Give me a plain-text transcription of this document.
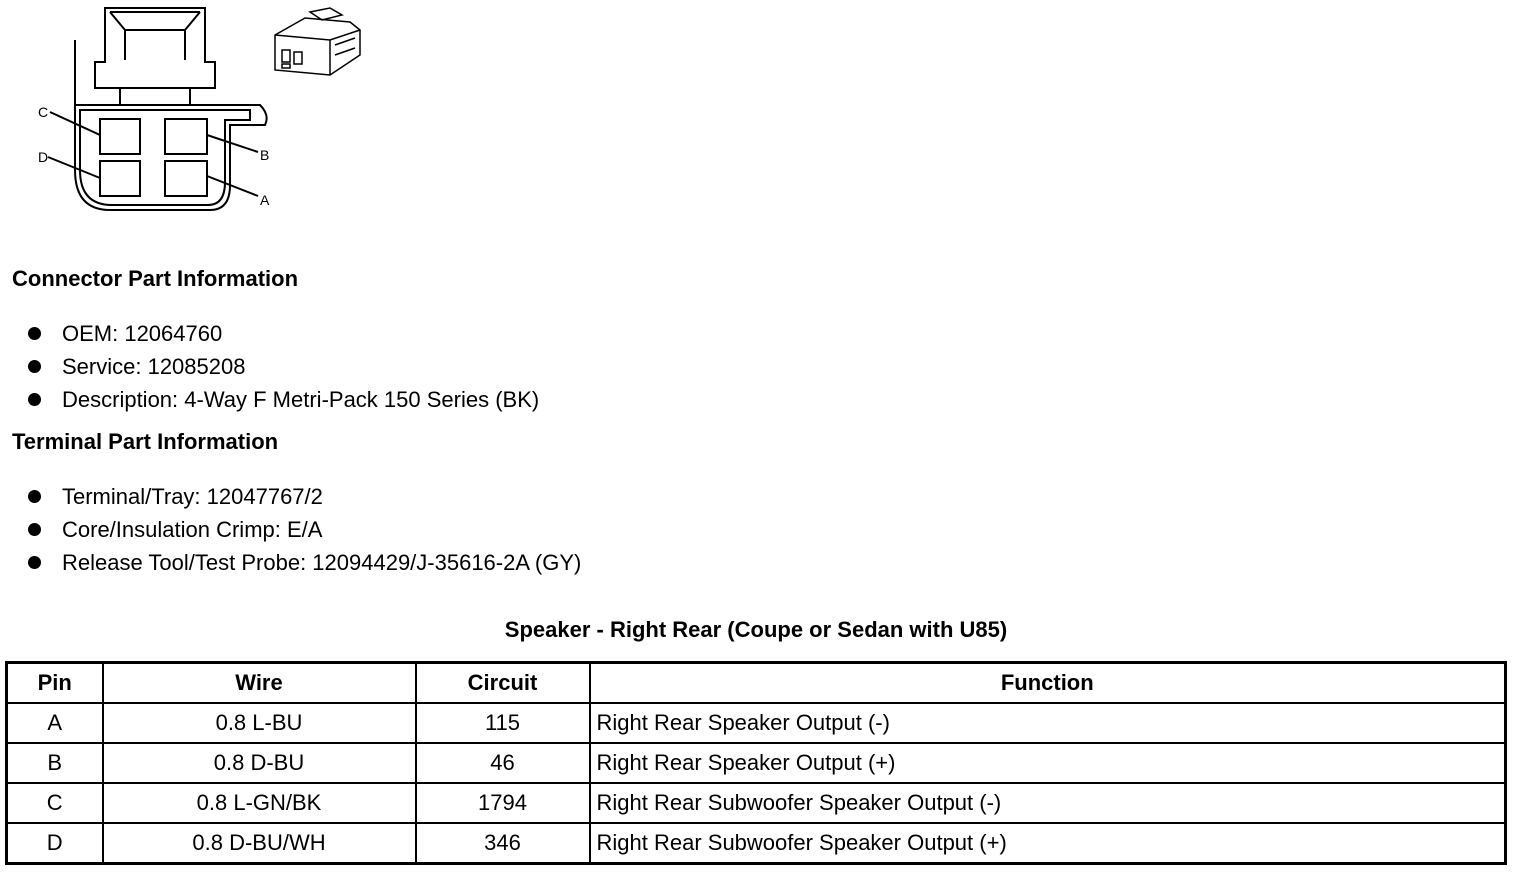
C
D	B
A
Connector Part Information
OEM: 12064760
Service: 12085208
Description: 4-Way F Metri-Pack 150 Series (BK)
Terminal Part Information
Terminal/Tray: 12047767/2
Core/Insulation Crimp: E/A
Release Tool/Test Probe: 12094429/J-35616-2A (GY)
Speaker - Right Rear (Coupe or Sedan with U85)
Pin	Wire	Circuit	Function
A	0.8 L-BU	115	Right Rear Speaker Output (-)
B	0.8 D-BU	46	Right Rear Speaker Output (+)
C	0.8 L-GN/BK	1794	Right Rear Subwoofer Speaker Output (-)
D	0.8 D-BU/WH	346	Right Rear Subwoofer Speaker Output (+)
